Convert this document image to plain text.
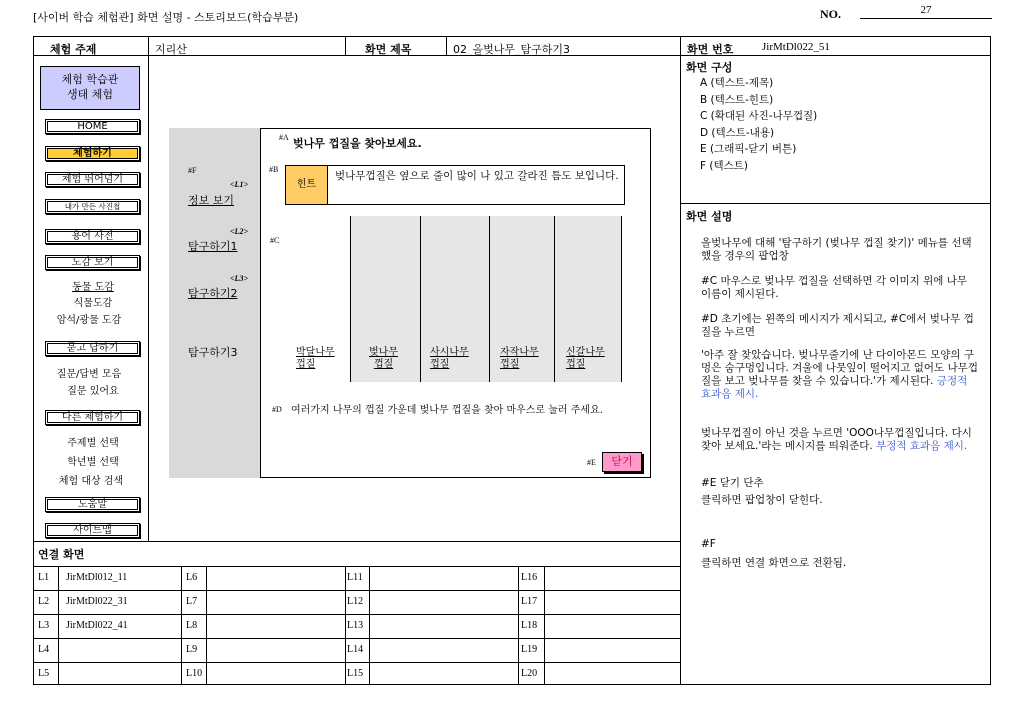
[사이버 학습 체험관] 화면 설명 - 스토리보드(학습부분)	NO.	27
체험 주제	지리산	화면 제목	02_올벚나무_탐구하기3	화면 번호	JirMtDl022_51
체험 학습관
생태 체험
HOME
체험하기
체험 뛰어넘기
내가 만든 사진첩
용어 사전
도감 보기
동물 도감
식물도감
암석/광물 도감
묻고 답하기
질문/답변 모음
질문 있어요
다른 체험하기
주제별 선택
학년별 선택
체험 대상 검색
도움말
사이트맵
#A 벚나무 껍질을 찾아보세요.
#B
힌트
벚나무껍질은 옆으로 줄이 많이 나 있고 갈라진 틈도 보입니다.
#F
<L1>
정보 보기
<L2>
탐구하기1
<L3>
탐구하기2
탐구하기3
#C
박달나무
껍질
벚나무
껍질
사시나무
껍질
자작나무
껍질
신갈나무
껍질
#D 여러가지 나무의 껍질 가운데 벚나무 껍질을 찾아 마우스로 눌러 주세요.
#E	닫기
연결 화면
L1 JirMtDl012_11	L6	L11	L16
L2 JirMtDl022_31	L7	L12	L17
L3 JirMtDl022_41	L8	L13	L18
L4	L9	L14	L19
L5	L10	L15	L20
화면 구성
A (텍스트-제목)
B (텍스트-힌트)
C (확대된 사진-나무껍질)
D (텍스트-내용)
E (그래픽-닫기 버튼)
F (텍스트)
화면 설명
올벚나무에 대해 '탐구하기 (벚나무 껍질 찾기)' 메뉴를 선택했을 경우의 팝업창
#C 마우스로 벚나무 껍질을 선택하면 각 이미지 위에 나무 이름이 제시된다.
#D 초기에는 왼쪽의 메시지가 제시되고, #C에서 벚나무 껍질을 누르면
'아주 잘 찾았습니다. 벚나무줄기에 난 다이아몬드 모양의 구멍은 숨구멍입니다. 겨울에 나뭇잎이 떨어지고 없어도 나무껍질을 보고 벚나무를 찾을 수 있습니다.'가 제시된다. 긍정적 효과음 제시.
벚나무껍질이 아닌 것을 누르면 'OOO나무껍질입니다. 다시 찾아 보세요.'라는 메시지를 띄워준다. 부정적 효과음 제시.
#E 닫기 단추
클릭하면 팝업창이 닫힌다.
#F
클릭하면 연결 화면으로 전환됨.
